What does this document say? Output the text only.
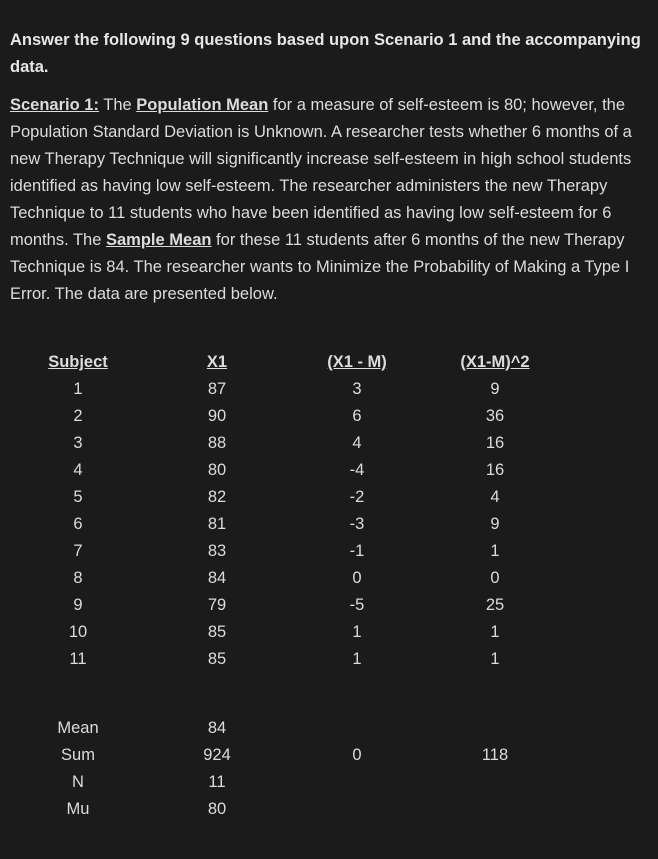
Answer the following 9 questions based upon Scenario 1 and the accompanying data.
Scenario 1: The Population Mean for a measure of self-esteem is 80; however, the Population Standard Deviation is Unknown. A researcher tests whether 6 months of a new Therapy Technique will significantly increase self-esteem in high school students identified as having low self-esteem. The researcher administers the new Therapy Technique to 11 students who have been identified as having low self-esteem for 6 months. The Sample Mean for these 11 students after 6 months of the new Therapy Technique is 84. The researcher wants to Minimize the Probability of Making a Type I Error. The data are presented below.
Subject	X1	(X1 - M)	(X1-M)^2
1	87	3	9
2	90	6	36
3	88	4	16
4	80	-4	16
5	82	-2	4
6	81	-3	9
7	83	-1	1
8	84	0	0
9	79	-5	25
10	85	1	1
11	85	1	1
Mean	84
Sum	924	0	118
N	11
Mu	80
